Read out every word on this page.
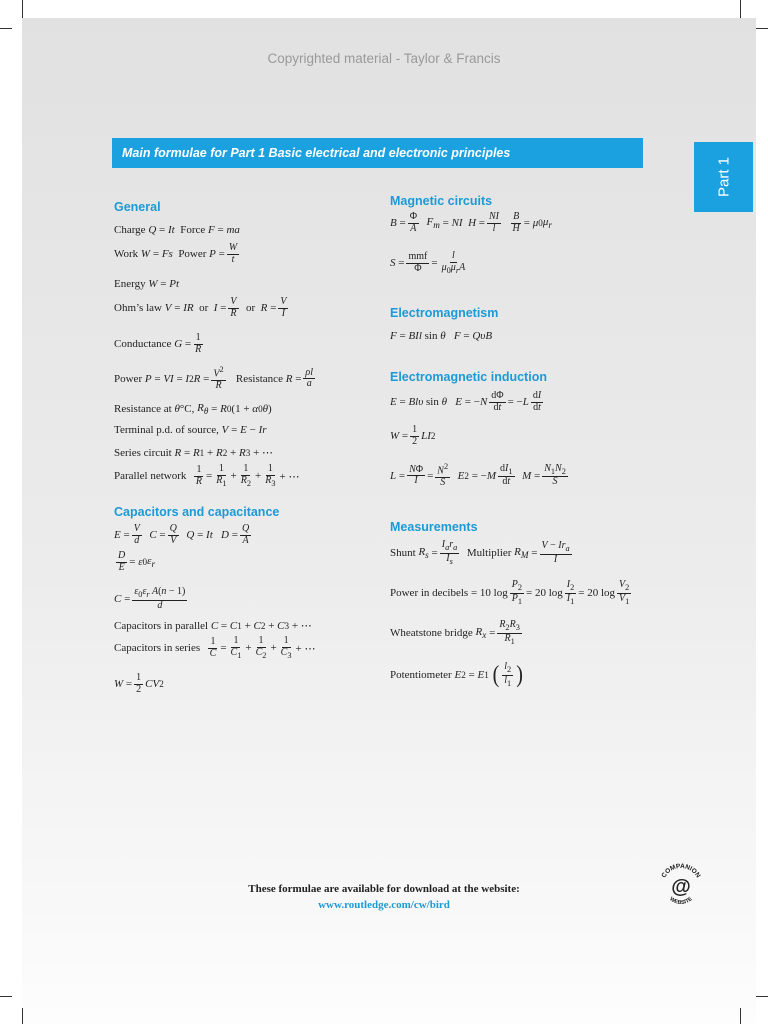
Copyrighted material - Taylor & Francis
Main formulae for Part 1 Basic electrical and electronic principles
Part 1
General
Charge
Q = It
Force
F = ma
Work
W = Fs
Power
$P = \frac{W}{t}$
Energy
W = Pt
Ohm’s law
V = IR
or
$I = \frac{V}{R}$
or
$R = \frac{V}{I}$
Conductance
$G = \frac{1}{R}$
Power
P = VI = I 2 $R = \frac{V^2}{R}$
Resistance
$R = \frac{\rho l}{a}$
Resistance at
θ °C, $R_\theta = R$ 0 (1 + α 0 θ )
Terminal p.d. of source,
V = E − Ir
Series circuit
R = R 1 + R 2 + R 3 + ⋯
Parallel network
$\frac{1}{R} = \frac{1}{R_1} + \frac{1}{R_2} + \frac{1}{R_3}$ + ⋯
Capacitors and capacitance
$E = \frac{V}{d}$
$C = \frac{Q}{V}$
Q = It
$D = \frac{Q}{A}$
$\frac{D}{E} = \varepsilon$ 0 $\varepsilon_r$
$C = \frac{\varepsilon_0\varepsilon_r A(n - 1)}{d}$
Capacitors in parallel
C = C 1 + C 2 + C 3 + ⋯
Capacitors in series
$\frac{1}{C} = \frac{1}{C_1} + \frac{1}{C_2} + \frac{1}{C_3}$ + ⋯
$W = \frac{1}{2}$ CV 2
Magnetic circuits
$B = \frac{\Phi}{A}$
$F_m$ = NI
$H = \frac{NI}{l}$
$\frac{B}{H} = \mu$ 0 $\mu_r$
$S = \frac{\text{mmf}}{\Phi} = \frac{l}{\mu_0\mu_rA}$
Electromagnetism
F = BIl sin θ
F = Qυ B
Electromagnetic induction
E = Blυ sin θ
E = − N $\frac{d\Phi}{dt}$ = − L $\frac{dI}{dt}$
$W = \frac{1}{2}$ LI 2
$L = \frac{N\Phi}{I} = \frac{N^2}{S}$
E 2 = − M $\frac{dI_1}{dt}$
$M = \frac{N_1N_2}{S}$
Measurements
Shunt
$R_s = \frac{I_ar_a}{I_s}$
Multiplier
$R_M = \frac{V - Ir_a}{I}$
Power in decibels = 10 $\log \frac{P_2}{P_1} = 20$ $\log \frac{I_2}{I_1} = 20$ $\log \frac{V_2}{V_1}$
Wheatstone bridge
$R_x = \frac{R_2R_3}{R_1}$
Potentiometer
E 2 = E 1
( $\frac{l_2}{l_1}$ )
These formulae are available for download at the website:
www.routledge.com/cw/bird
COMPANION
WEBSITE
@
